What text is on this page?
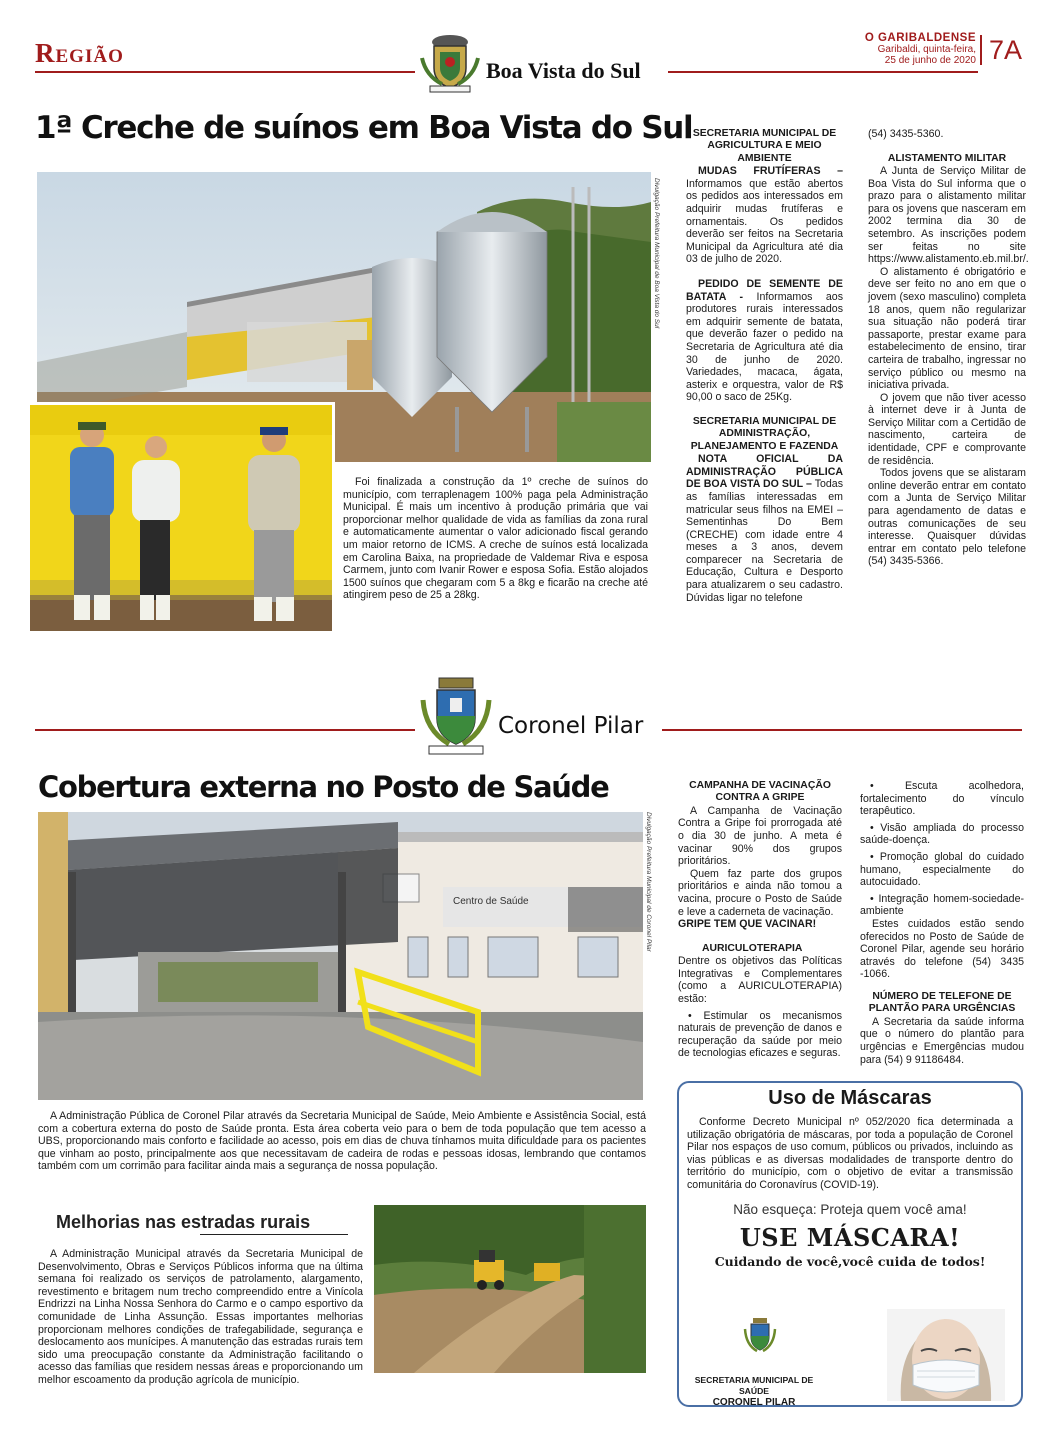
Região
Boa Vista do Sul
O GARIBALDENSE
Garibaldi, quinta-feira,
25 de junho de 2020 7A
1ª Creche de suínos em Boa Vista do Sul
Divulgação Prefeitura Municipal de Boa Vista do Sul

Foi finalizada a construção da 1º creche de suínos do município, com terraplenagem 100% paga pela Administração Municipal. É mais um incentivo à produção primária que vai proporcionar melhor qualidade de vida as famílias da zona rural e automaticamente aumentar o valor adicionado fiscal gerando um maior retorno de ICMS. A creche de suínos está localizada em Carolina Baixa, na propriedade de Valdemar Riva e esposa Carmem, junto com Ivanir Rower e esposa Sofia. Estão alojados 1500 suínos que chegaram com 5 a 8kg e ficarão na creche até atingirem peso de 25 a 28kg.

SECRETARIA MUNICIPAL DE AGRICULTURA E MEIO AMBIENTE

MUDAS FRUTÍFERAS – Informamos que estão abertos os pedidos aos interessados em adquirir mudas frutíferas e ornamentais. Os pedidos deverão ser feitos na Secretaria Municipal da Agricultura até dia 03 de julho de 2020.

PEDIDO DE SEMENTE DE BATATA - Informamos aos produtores rurais interessados em adquirir semente de batata, que deverão fazer o pedido na Secretaria de Agricultura até dia 30 de junho de 2020. Variedades, macaca, ágata, asterix e orquestra, valor de R$ 90,00 o saco de 25Kg.

SECRETARIA MUNICIPAL DE ADMINISTRAÇÃO, PLANEJAMENTO E FAZENDA

NOTA OFICIAL DA ADMINISTRAÇÃO PÚBLICA DE BOA VISTA DO SUL – Todas as famílias interessadas em matricular seus filhos na EMEI – Sementinhas Do Bem (CRECHE) com idade entre 4 meses a 3 anos, devem comparecer na Secretaria de Educação, Cultura e Desporto para atualizarem o seu cadastro. Dúvidas ligar no telefone

(54) 3435-5360.
ALISTAMENTO MILITAR

A Junta de Serviço Militar de Boa Vista do Sul informa que o prazo para o alistamento militar para os jovens que nasceram em 2002 termina dia 30 de setembro. As inscrições podem ser feitas no site https://www.alistamento.eb.mil.br/.

O alistamento é obrigatório e deve ser feito no ano em que o jovem (sexo masculino) completa 18 anos, quem não regularizar sua situação não poderá tirar passaporte, prestar exame para estabelecimento de ensino, tirar carteira de trabalho, ingressar no serviço público ou mesmo na iniciativa privada.

O jovem que não tiver acesso à internet deve ir à Junta de Serviço Militar com a Certidão de nascimento, carteira de identidade, CPF e comprovante de residência.

Todos jovens que se alistaram online deverão entrar em contato com a Junta de Serviço Militar para agendamento de datas e outras comunicações de seu interesse. Quaisquer dúvidas entrar em contato pelo telefone (54) 3435-5366.

Coronel Pilar
Cobertura externa no Posto de Saúde
Centro de Saúde	Divulgação Prefeitura Municipal de Coronel Pilar

A Administração Pública de Coronel Pilar através da Secretaria Municipal de Saúde, Meio Ambiente e Assistência Social, está com a cobertura externa do posto de Saúde pronta. Esta área coberta veio para o bem de toda população que tem acesso a UBS, proporcionando mais conforto e facilidade ao acesso, pois em dias de chuva tínhamos muita dificuldade para os pacientes que vinham ao posto, principalmente aos que necessitavam de cadeira de rodas e pessoas idosas, lembrando que contamos também com um corrimão para facilitar ainda mais a segurança de nossa população.

Melhorias nas estradas rurais

A Administração Municipal através da Secretaria Municipal de Desenvolvimento, Obras e Serviços Públicos informa que na última semana foi realizado os serviços de patrolamento, alargamento, revestimento e britagem num trecho compreendido entre a Vinícola Endrizzi na Linha Nossa Senhora do Carmo e o campo esportivo da comunidade de Linha Assunção. Essas importantes melhorias proporcionam melhores condições de trafegabilidade, segurança e deslocamento aos munícipes. A manutenção das estradas rurais tem sido uma preocupação constante da Administração facilitando o acesso das famílias que residem nessas áreas e proporcionando um melhor escoamento da produção agrícola de município.

CAMPANHA DE VACINAÇÃO CONTRA A GRIPE

A Campanha de Vacinação Contra a Gripe foi prorrogada até o dia 30 de junho. A meta é vacinar 90% dos grupos prioritários.

Quem faz parte dos grupos prioritários e ainda não tomou a vacina, procure o Posto de Saúde e leve a caderneta de vacinação.

GRIPE TEM QUE VACINAR!
AURICULOTERAPIA
Dentre os objetivos das Políticas Integrativas e Complementares (como a AURICULOTERAPIA) estão:
• Estimular os mecanismos naturais de prevenção de danos e recuperação da saúde por meio de tecnologias eficazes e seguras.
• Escuta acolhedora, fortalecimento do vínculo terapêutico.
• Visão ampliada do processo saúde-doença.
• Promoção global do cuidado humano, especialmente do autocuidado.
• Integração homem-sociedade-ambiente

Estes cuidados estão sendo oferecidos no Posto de Saúde de Coronel Pilar, agende seu horário através do telefone (54) 3435 -1066.

NÚMERO DE TELEFONE DE PLANTÃO PARA URGÊNCIAS

A Secretaria da saúde informa que o número do plantão para urgências e Emergências mudou para (54) 9 91186484.

Uso de Máscaras

Conforme Decreto Municipal nº 052/2020 fica determinada a utilização obrigatória de máscaras, por toda a população de Coronel Pilar nos espaços de uso comum, públicos ou privados, incluindo as vias públicas e as diversas modalidades de transporte dentro do território do município, com o objetivo de evitar a transmissão comunitária do Coronavírus (COVID-19).

Não esqueça: Proteja quem você ama!
USE MÁSCARA!
Cuidando de você,você cuida de todos!
SECRETARIA MUNICIPAL DE SAÚDE
CORONEL PILAR
